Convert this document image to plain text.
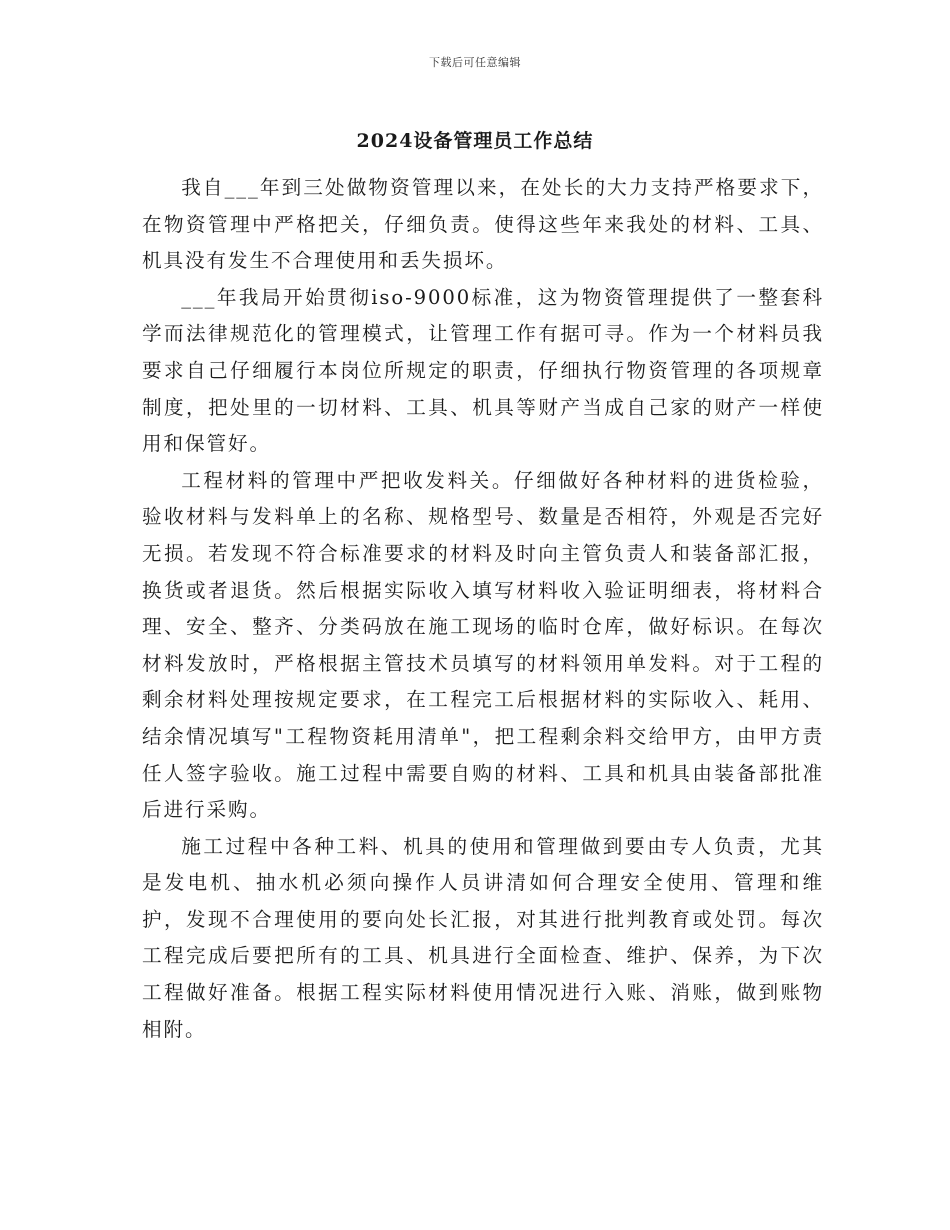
下载后可任意编辑
2024设备管理员工作总结

我自___年到三处做物资管理以来，在处长的大力支持严格要求下，在物资管理中严格把关，仔细负责。使得这些年来我处的材料、工具、机具没有发生不合理使用和丢失损坏。

___年我局开始贯彻iso-9000标准，这为物资管理提供了一整套科学而法律规范化的管理模式，让管理工作有据可寻。作为一个材料员我要求自己仔细履行本岗位所规定的职责，仔细执行物资管理的各项规章制度，把处里的一切材料、工具、机具等财产当成自己家的财产一样使用和保管好。

工程材料的管理中严把收发料关。仔细做好各种材料的进货检验，验收材料与发料单上的名称、规格型号、数量是否相符，外观是否完好无损。若发现不符合标准要求的材料及时向主管负责人和装备部汇报，换货或者退货。然后根据实际收入填写材料收入验证明细表，将材料合理、安全、整齐、分类码放在施工现场的临时仓库，做好标识。在每次材料发放时，严格根据主管技术员填写的材料领用单发料。对于工程的剩余材料处理按规定要求，在工程完工后根据材料的实际收入、耗用、结余情况填写"工程物资耗用清单"，把工程剩余料交给甲方，由甲方责任人签字验收。施工过程中需要自购的材料、工具和机具由装备部批准后进行采购。

施工过程中各种工料、机具的使用和管理做到要由专人负责，尤其是发电机、抽水机必须向操作人员讲清如何合理安全使用、管理和维护，发现不合理使用的要向处长汇报，对其进行批判教育或处罚。每次工程完成后要把所有的工具、机具进行全面检查、维护、保养，为下次工程做好准备。根据工程实际材料使用情况进行入账、消账，做到账物相附。
